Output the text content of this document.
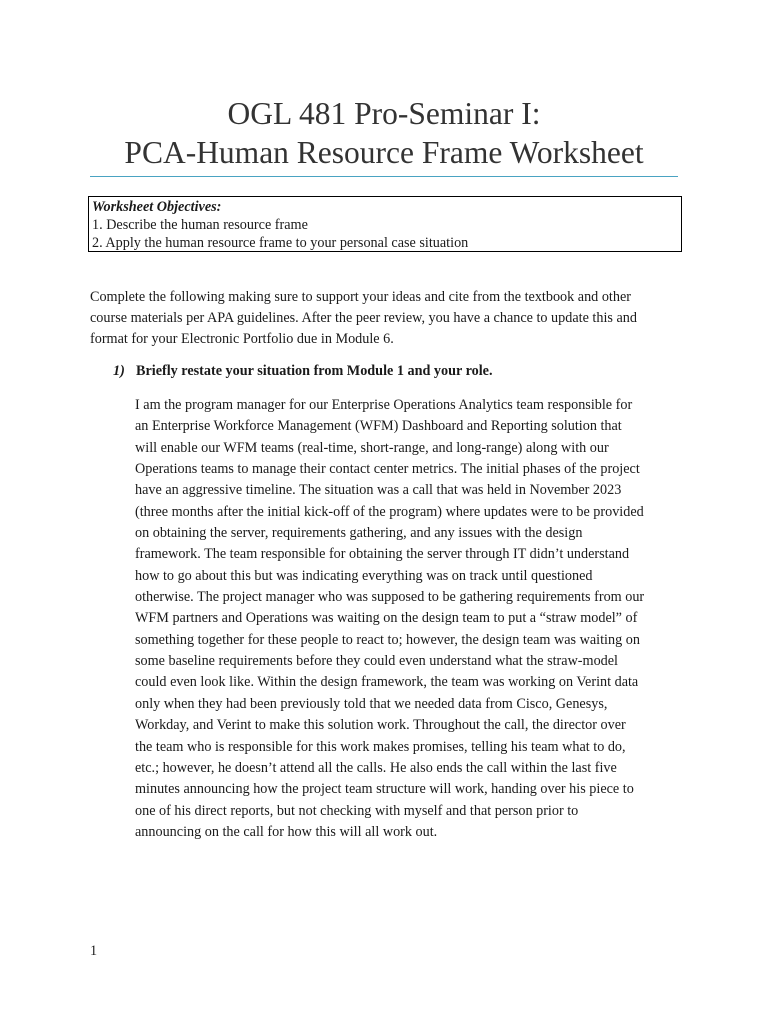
OGL 481 Pro-Seminar I:
PCA-Human Resource Frame Worksheet
Worksheet Objectives:
1. Describe the human resource frame
2. Apply the human resource frame to your personal case situation
Complete the following making sure to support your ideas and cite from the textbook and other
course materials per APA guidelines. After the peer review, you have a chance to update this and
format for your Electronic Portfolio due in Module 6.
1) Briefly restate your situation from Module 1 and your role.
I am the program manager for our Enterprise Operations Analytics team responsible for
an Enterprise Workforce Management (WFM) Dashboard and Reporting solution that
will enable our WFM teams (real-time, short-range, and long-range) along with our
Operations teams to manage their contact center metrics. The initial phases of the project
have an aggressive timeline. The situation was a call that was held in November 2023
(three months after the initial kick-off of the program) where updates were to be provided
on obtaining the server, requirements gathering, and any issues with the design
framework. The team responsible for obtaining the server through IT didn’t understand
how to go about this but was indicating everything was on track until questioned
otherwise. The project manager who was supposed to be gathering requirements from our
WFM partners and Operations was waiting on the design team to put a “straw model” of
something together for these people to react to; however, the design team was waiting on
some baseline requirements before they could even understand what the straw-model
could even look like. Within the design framework, the team was working on Verint data
only when they had been previously told that we needed data from Cisco, Genesys,
Workday, and Verint to make this solution work. Throughout the call, the director over
the team who is responsible for this work makes promises, telling his team what to do,
etc.; however, he doesn’t attend all the calls. He also ends the call within the last five
minutes announcing how the project team structure will work, handing over his piece to
one of his direct reports, but not checking with myself and that person prior to
announcing on the call for how this will all work out.
1
